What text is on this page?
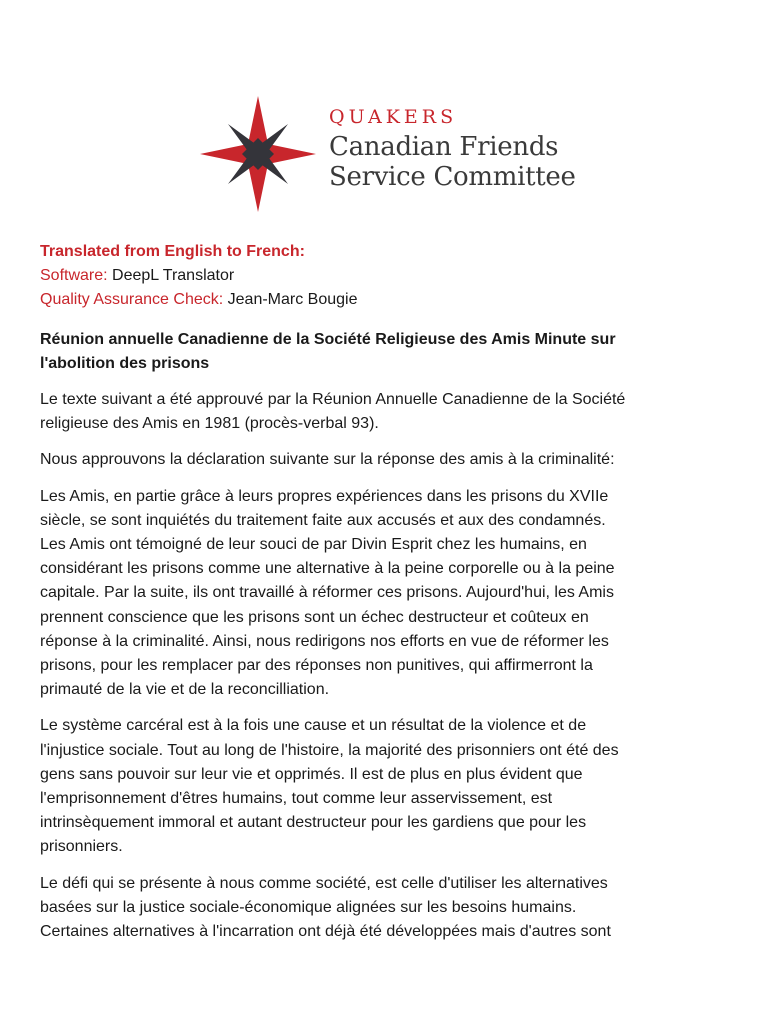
QUAKERS
Canadian Friends
Service Committee
Translated from English to French:
Software: DeepL Translator
Quality Assurance Check: Jean-Marc Bougie
Réunion annuelle Canadienne de la Société Religieuse des Amis Minute sur
l'abolition des prisons

Le texte suivant a été approuvé par la Réunion Annuelle Canadienne de la Société
religieuse des Amis en 1981 (procès-verbal 93).

Nous approuvons la déclaration suivante sur la réponse des amis à la criminalité:

Les Amis, en partie grâce à leurs propres expériences dans les prisons du XVIIe
siècle, se sont inquiétés du traitement faite aux accusés et aux des condamnés.
Les Amis ont témoigné de leur souci de par Divin Esprit chez les humains, en
considérant les prisons comme une alternative à la peine corporelle ou à la peine
capitale. Par la suite, ils ont travaillé à réformer ces prisons. Aujourd'hui, les Amis
prennent conscience que les prisons sont un échec destructeur et coûteux en
réponse à la criminalité. Ainsi, nous redirigons nos efforts en vue de réformer les
prisons, pour les remplacer par des réponses non punitives, qui affirmerront la
primauté de la vie et de la reconcilliation.

Le système carcéral est à la fois une cause et un résultat de la violence et de
l'injustice sociale. Tout au long de l'histoire, la majorité des prisonniers ont été des
gens sans pouvoir sur leur vie et opprimés. Il est de plus en plus évident que
l'emprisonnement d'êtres humains, tout comme leur asservissement, est
intrinsèquement immoral et autant destructeur pour les gardiens que pour les
prisonniers.

Le défi qui se présente à nous comme société, est celle d'utiliser les alternatives
basées sur la justice sociale-économique alignées sur les besoins humains.
Certaines alternatives à l'incarration ont déjà été développées mais d'autres sont
